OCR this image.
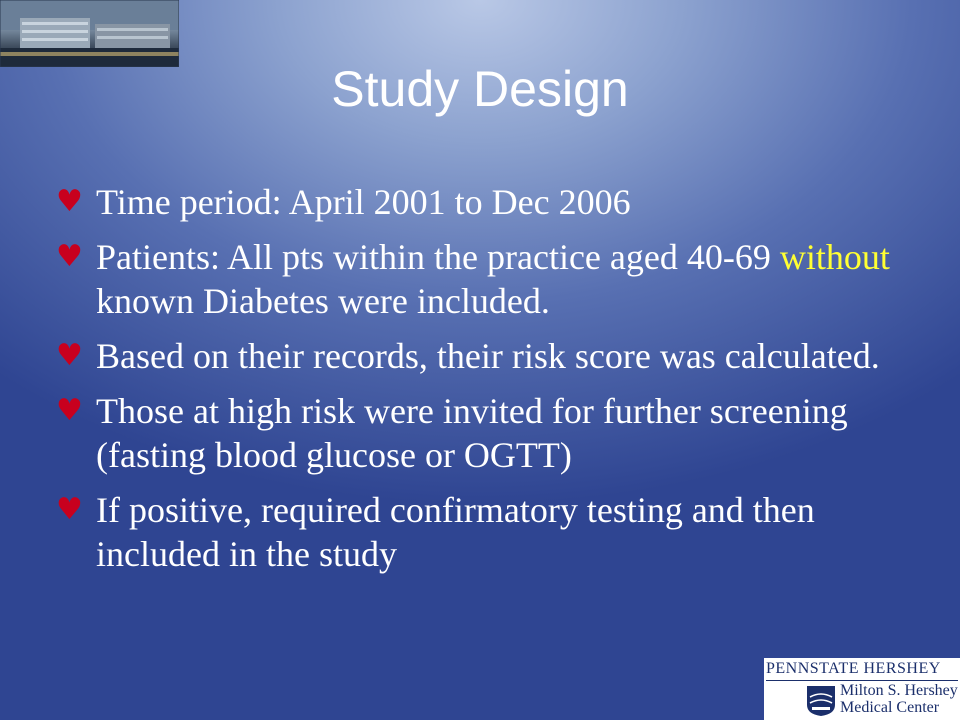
Study Design
♥ Time period: April 2001 to Dec 2006
♥ Patients: All pts within the practice aged 40-69 without known Diabetes were included.
♥ Based on their records, their risk score was calculated.
♥ Those at high risk were invited for further screening (fasting blood glucose or OGTT)
♥ If positive, required confirmatory testing and then included in the study
PENNSTATE HERSHEY
Milton S. Hershey
Medical Center
